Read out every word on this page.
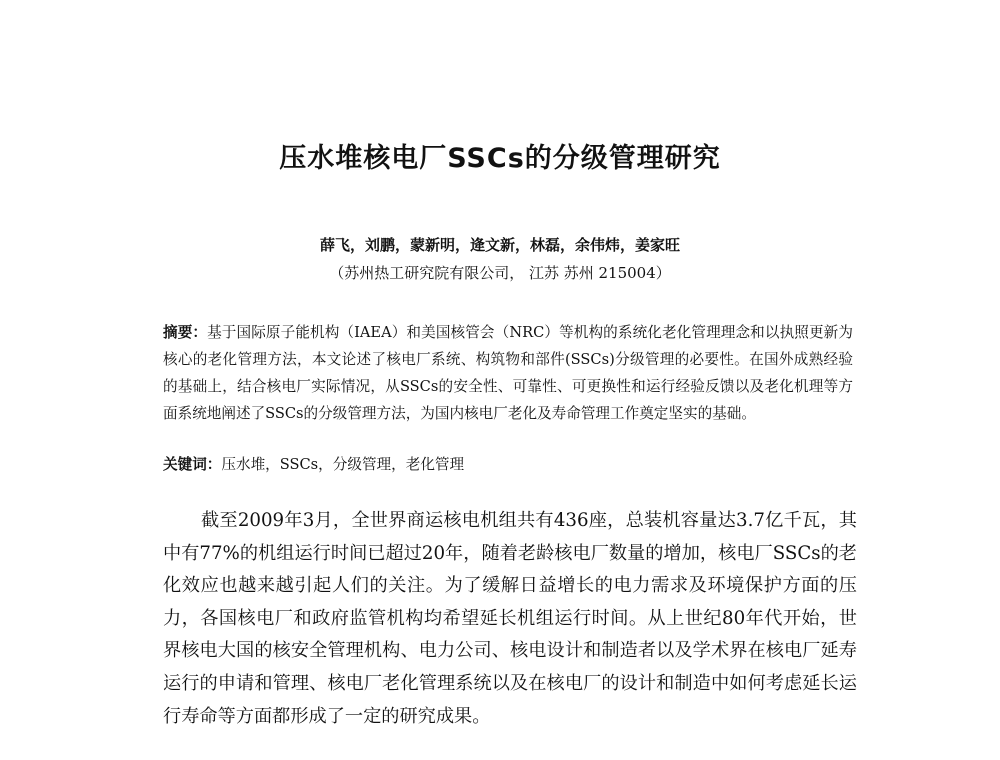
压水堆核电厂SSCs的分级管理研究
薛飞，刘鹏，蒙新明，逄文新，林磊，余伟炜，姜家旺
（苏州热工研究院有限公司， 江苏 苏州 215004）
摘要：基于国际原子能机构（IAEA）和美国核管会（NRC）等机构的系统化老化管理理念和以执照更新为核心的老化管理方法，本文论述了核电厂系统、构筑物和部件(SSCs)分级管理的必要性。在国外成熟经验的基础上，结合核电厂实际情况，从SSCs的安全性、可靠性、可更换性和运行经验反馈以及老化机理等方面系统地阐述了SSCs的分级管理方法，为国内核电厂老化及寿命管理工作奠定坚实的基础。
关键词：压水堆，SSCs，分级管理，老化管理
截至2009年3月，全世界商运核电机组共有436座，总装机容量达3.7亿千瓦，其中有77%的机组运行时间已超过20年，随着老龄核电厂数量的增加，核电厂SSCs的老化效应也越来越引起人们的关注。为了缓解日益增长的电力需求及环境保护方面的压力，各国核电厂和政府监管机构均希望延长机组运行时间。从上世纪80年代开始，世界核电大国的核安全管理机构、电力公司、核电设计和制造者以及学术界在核电厂延寿运行的申请和管理、核电厂老化管理系统以及在核电厂的设计和制造中如何考虑延长运行寿命等方面都形成了一定的研究成果。
